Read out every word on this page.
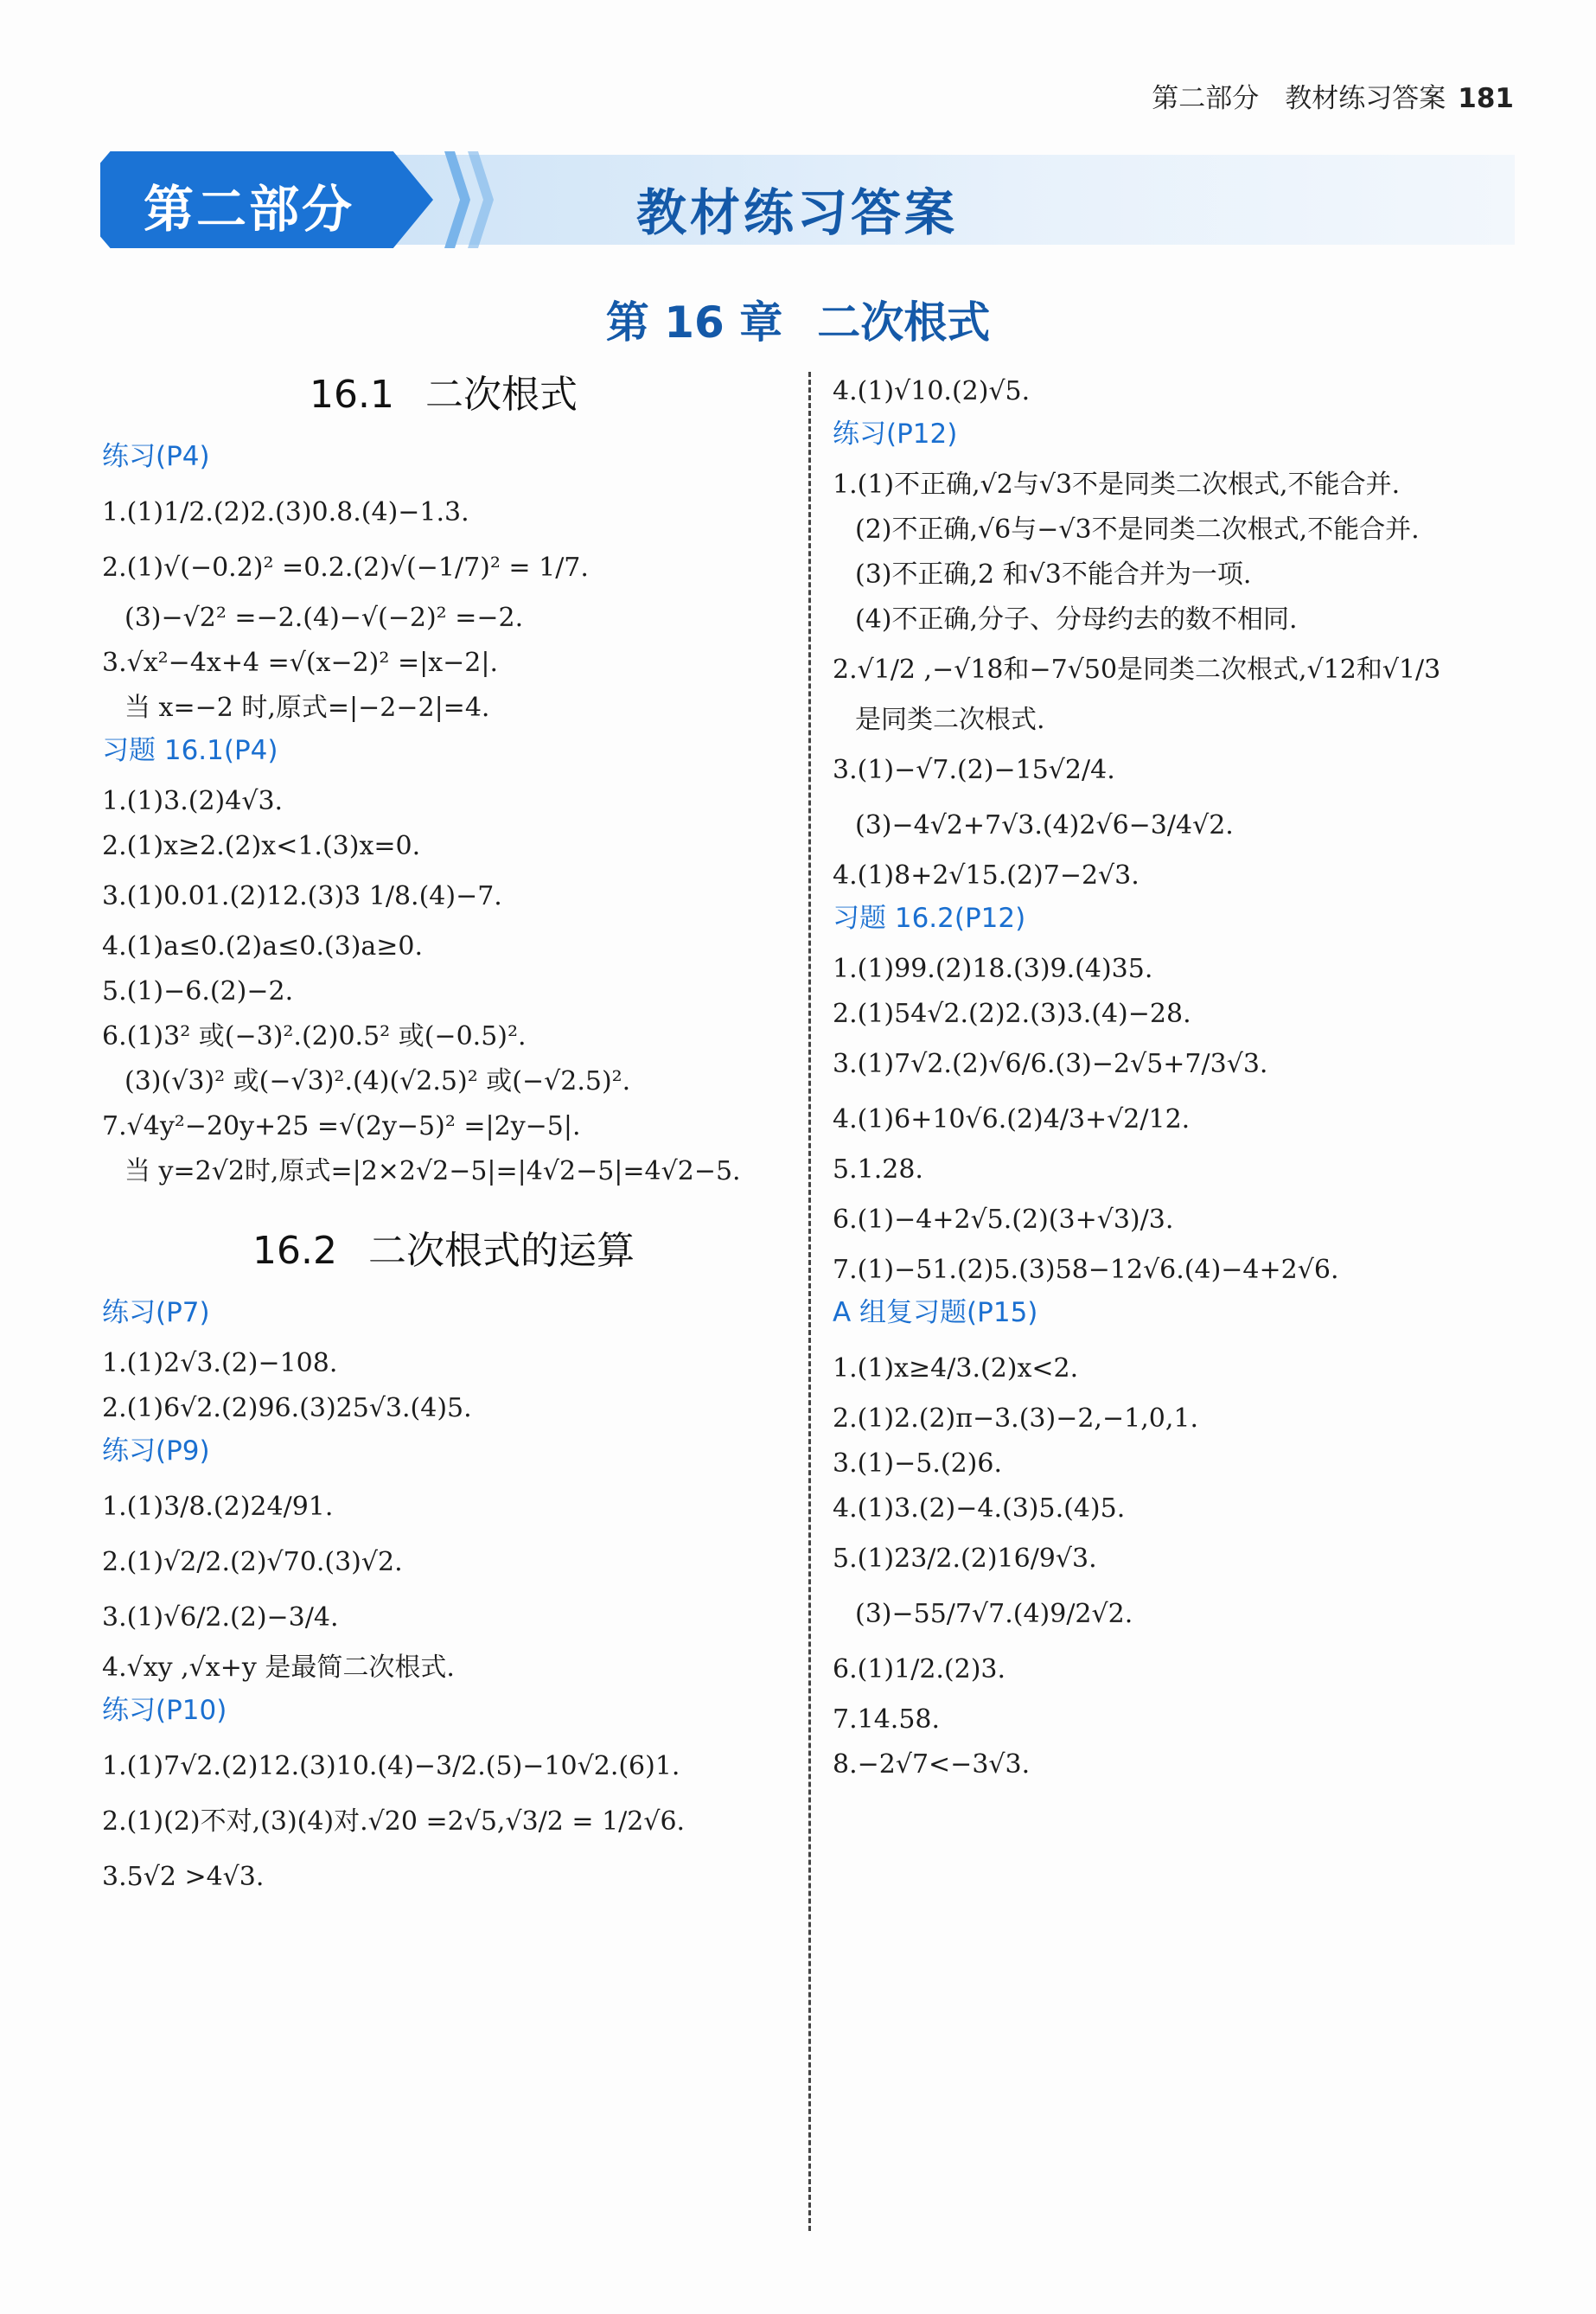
第二部分 教材练习答案 181
第二部分	教材练习答案
第 16 章 二次根式
16.1 二次根式
练习(P4)
1.(1)1/2.(2)2.(3)0.8.(4)−1.3.
2.(1)√(−0.2)² =0.2.(2)√(−1/7)² = 1/7.
(3)−√2² =−2.(4)−√(−2)² =−2.
3.√x²−4x+4 =√(x−2)² =|x−2|.
当 x=−2 时,原式=|−2−2|=4.
习题 16.1(P4)
1.(1)3.(2)4√3.
2.(1)x≥2.(2)x<1.(3)x=0.
3.(1)0.01.(2)12.(3)3 1/8.(4)−7.
4.(1)a≤0.(2)a≤0.(3)a≥0.
5.(1)−6.(2)−2.
6.(1)3² 或(−3)².(2)0.5² 或(−0.5)².
(3)(√3)² 或(−√3)².(4)(√2.5)² 或(−√2.5)².
7.√4y²−20y+25 =√(2y−5)² =|2y−5|.
当 y=2√2时,原式=|2×2√2−5|=|4√2−5|=4√2−5.
16.2 二次根式的运算
练习(P7)
1.(1)2√3.(2)−108.
2.(1)6√2.(2)96.(3)25√3.(4)5.
练习(P9)
1.(1)3/8.(2)24/91.
2.(1)√2/2.(2)√70.(3)√2.
3.(1)√6/2.(2)−3/4.
4.√xy ,√x+y 是最简二次根式.
练习(P10)
1.(1)7√2.(2)12.(3)10.(4)−3/2.(5)−10√2.(6)1.
2.(1)(2)不对,(3)(4)对.√20 =2√5,√3/2 = 1/2√6.
3.5√2 >4√3.
4.(1)√10.(2)√5.
练习(P12)
1.(1)不正确,√2与√3不是同类二次根式,不能合并.
(2)不正确,√6与−√3不是同类二次根式,不能合并.
(3)不正确,2 和√3不能合并为一项.
(4)不正确,分子、分母约去的数不相同.
2.√1/2 ,−√18和−7√50是同类二次根式,√12和√1/3
是同类二次根式.
3.(1)−√7.(2)−15√2/4.
(3)−4√2+7√3.(4)2√6−3/4√2.
4.(1)8+2√15.(2)7−2√3.
习题 16.2(P12)
1.(1)99.(2)18.(3)9.(4)35.
2.(1)54√2.(2)2.(3)3.(4)−28.
3.(1)7√2.(2)√6/6.(3)−2√5+7/3√3.
4.(1)6+10√6.(2)4/3+√2/12.
5.1.28.
6.(1)−4+2√5.(2)(3+√3)/3.
7.(1)−51.(2)5.(3)58−12√6.(4)−4+2√6.
A 组复习题(P15)
1.(1)x≥4/3.(2)x<2.
2.(1)2.(2)π−3.(3)−2,−1,0,1.
3.(1)−5.(2)6.
4.(1)3.(2)−4.(3)5.(4)5.
5.(1)23/2.(2)16/9√3.
(3)−55/7√7.(4)9/2√2.
6.(1)1/2.(2)3.
7.14.58.
8.−2√7<−3√3.
